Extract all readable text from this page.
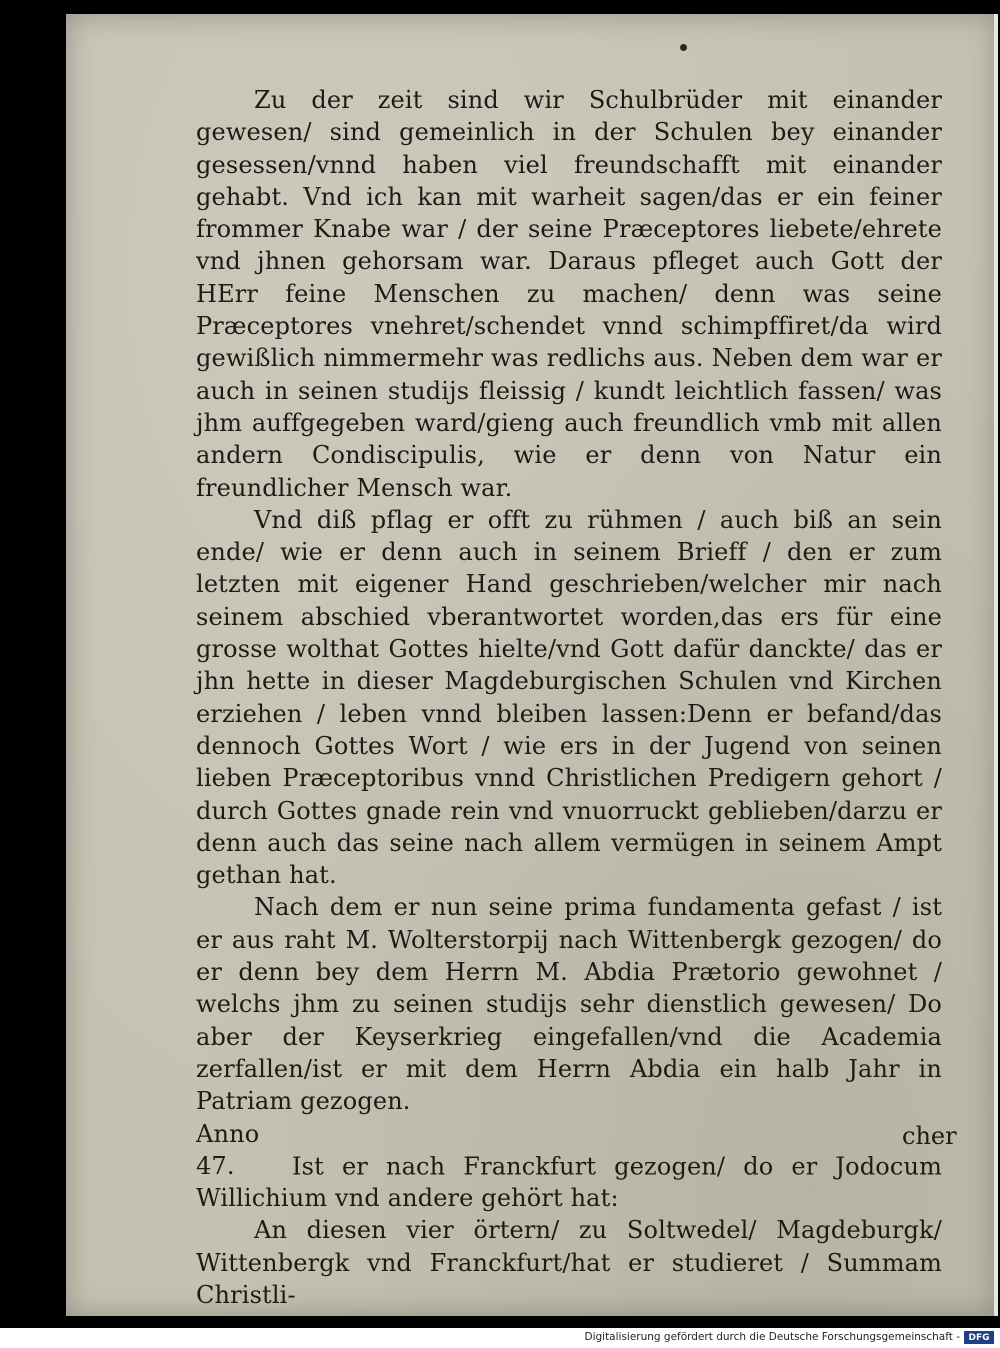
Zu der zeit sind wir Schulbrüder mit einander gewesen/ sind gemeinlich in der Schulen bey einander gesessen/vnnd haben viel freundschafft mit einander gehabt. Vnd ich kan mit warheit sagen/das er ein feiner frommer Knabe war / der seine Præceptores liebete/ehrete vnd jhnen gehorsam war. Daraus pfleget auch Gott der HErr feine Menschen zu machen/ denn was seine Præceptores vnehret/schendet vnnd schimpffiret/da wird gewißlich nimmermehr was redlichs aus. Neben dem war er auch in seinen studijs fleissig / kundt leichtlich fassen/ was jhm auffgegeben ward/gieng auch freundlich vmb mit allen andern Condiscipulis, wie er denn von Natur ein freundlicher Mensch war.

Vnd diß pflag er offt zu rühmen / auch biß an sein ende/ wie er denn auch in seinem Brieff / den er zum letzten mit eigener Hand geschrieben/welcher mir nach seinem abschied vberantwortet worden,das ers für eine grosse wolthat Gottes hielte/vnd Gott dafür danckte/ das er jhn hette in dieser Magdeburgischen Schulen vnd Kirchen erziehen / leben vnnd bleiben lassen:Denn er befand/das dennoch Gottes Wort / wie ers in der Jugend von seinen lieben Præceptoribus vnnd Christlichen Predigern gehort / durch Gottes gnade rein vnd vnuorruckt geblieben/darzu er denn auch das seine nach allem vermügen in seinem Ampt gethan hat.

Nach dem er nun seine prima fundamenta gefast / ist er aus raht M. Wolterstorpij nach Wittenbergk gezogen/ do er denn bey dem Herrn M. Abdia Prætorio gewohnet / welchs jhm zu seinen studijs sehr dienstlich gewesen/ Do aber der Keyserkrieg eingefallen/vnd die Academia zerfallen/ist er mit dem Herrn Abdia ein halb Jahr in Patriam gezogen.

Anno 47. Ist er nach Franckfurt gezogen/ do er Jodocum Willichium vnd andere gehört hat:

An diesen vier örtern/ zu Soltwedel/ Magdeburgk/ Wittenbergk vnd Franckfurt/hat er studieret / Summam Christli-

cher
Digitalisierung gefördert durch die Deutsche Forschungsgemeinschaft - DFG
